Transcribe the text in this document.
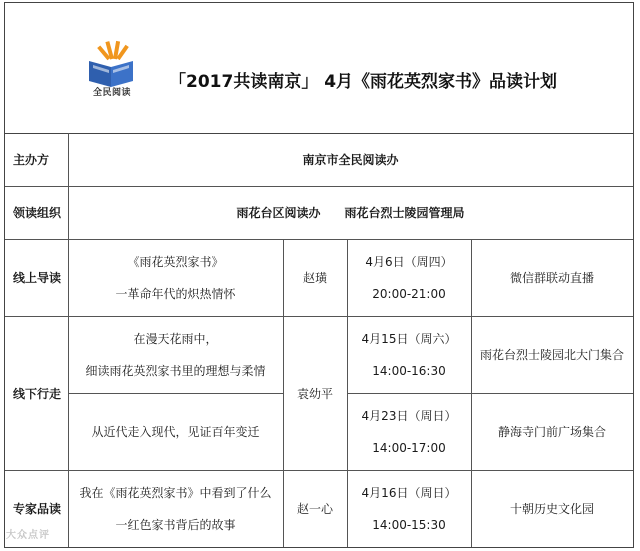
全民阅读
「2017共读南京」 4月《雨花英烈家书》品读计划
主办方	南京市全民阅读办
领读组织	雨花台区阅读办　　雨花台烈士陵园管理局
线上导读
《雨花英烈家书》
一革命年代的炽热情怀
赵璜
4月6日（周四）
20:00-21:00
微信群联动直播
线下行走
在漫天花雨中，
细读雨花英烈家书里的理想与柔情
从近代走入现代，见证百年变迁
袁幼平
4月15日（周六）
14:00-16:30
4月23日（周日）
14:00-17:00
雨花台烈士陵园北大门集合
静海寺门前广场集合
专家品读
我在《雨花英烈家书》中看到了什么
一红色家书背后的故事
赵一心
4月16日（周日）
14:00-15:30
十朝历史文化园
大众点评
